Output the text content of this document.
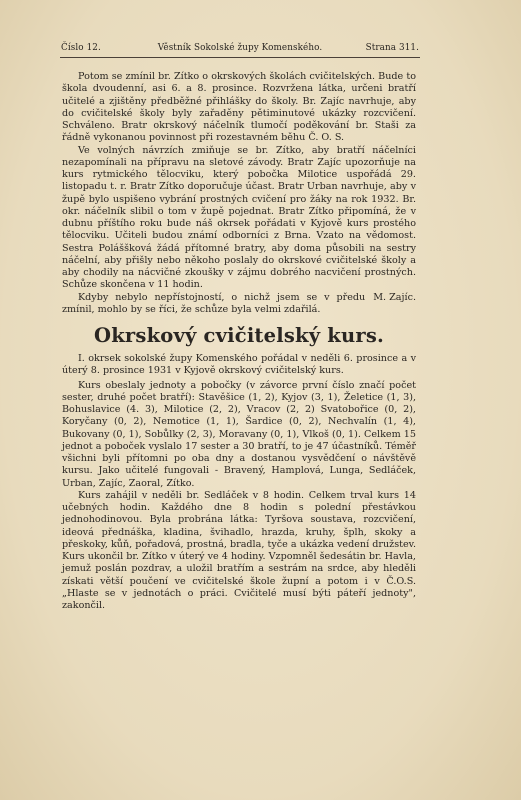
Číslo 12.	Věstník Sokolské župy Komenského.	Strana 311.

Potom se zmínil br. Zítko o okrskových školách cvičitelských. Bude to škola dvoudenní, asi 6. a 8. prosince. Rozvržena látka, určeni bratří učitelé a zjištěny předběžné přihlášky do školy. Br. Zajíc navrhuje, aby do cvičitelské školy byly zařaděny pětiminutové ukázky rozcvičení. Schváleno. Bratr okrskový náčelník tlumočí poděkování br. Staši za řádně vykonanou povinnost při rozestavném běhu Č. O. S.

Ve volných návrzích zmiňuje se br. Zítko, aby bratří náčelníci nezapomínali na přípravu na sletové závody. Bratr Zajíc upozorňuje na kurs rytmického tělocviku, který pobočka Milotice uspořádá 29. listopadu t. r. Bratr Zítko doporučuje účast. Bratr Urban navrhuje, aby v župě bylo uspišeno vybrání prostných cvičení pro žáky na rok 1932. Br. okr. náčelník slibil o tom v župě pojednat. Bratr Zítko připomíná, že v dubnu příštího roku bude náš okrsek pořádati v Kyjově kurs prostého tělocviku. Učiteli budou známí odborníci z Brna. Vzato na vědomost. Sestra Poláššková žádá přítomné bratry, aby doma působili na sestry náčelní, aby přišly nebo někoho poslaly do okrskové cvičitelské školy a aby chodily na nácvičné zkoušky v zájmu dobrého nacvičení prostných. Schůze skončena v 11 hodin.

M. Zajíc.
Kdyby nebylo nepřístojností, o nichž jsem se v předu zmínil, mohlo by se říci, že schůze byla velmi zdařilá.

Okrskový cvičitelský kurs.

I. okrsek sokolské župy Komenského pořádal v neděli 6. prosince a v úterý 8. prosince 1931 v Kyjově okrskový cvičitelský kurs.

Kurs obeslaly jednoty a pobočky (v závorce první číslo značí počet sester, druhé počet bratří): Stavěšice (1, 2), Kyjov (3, 1), Želetice (1, 3), Bohuslavice (4. 3), Milotice (2, 2), Vracov (2, 2) Svatobořice (0, 2), Koryčany (0, 2), Nemotice (1, 1), Šardice (0, 2), Nechvalín (1, 4), Bukovany (0, 1), Sobůlky (2, 3), Moravany (0, 1), Vlkoš (0, 1). Celkem 15 jednot a poboček vyslalo 17 sester a 30 bratří, to je 47 účastníků. Téměř všichni byli přítomni po oba dny a dostanou vysvědčení o návštěvě kursu. Jako učitelé fungovali - Bravený, Hamplová, Lunga, Sedláček, Urban, Zajíc, Zaoral, Zítko.

Kurs zahájil v neděli br. Sedláček v 8 hodin. Celkem trval kurs 14 učebných hodin. Každého dne 8 hodin s polední přestávkou jednohodinovou. Byla probrána látka: Tyršova soustava, rozcvičení, ideová přednáška, kladina, švihadlo, hrazda, kruhy, šplh, skoky a přeskoky, kůň, pořadová, prostná, bradla, tyče a ukázka vedení družstev. Kurs ukončil br. Zítko v úterý ve 4 hodiny. Vzpomněl šedesátin br. Havla, jemuž poslán pozdrav, a uložil bratřím a sestrám na srdce, aby hleděli získati větší poučení ve cvičitelské škole župní a potom i v Č.O.S. „Hlaste se v jednotách o práci. Cvičitelé musí býti páteří jednoty", zakončil.
